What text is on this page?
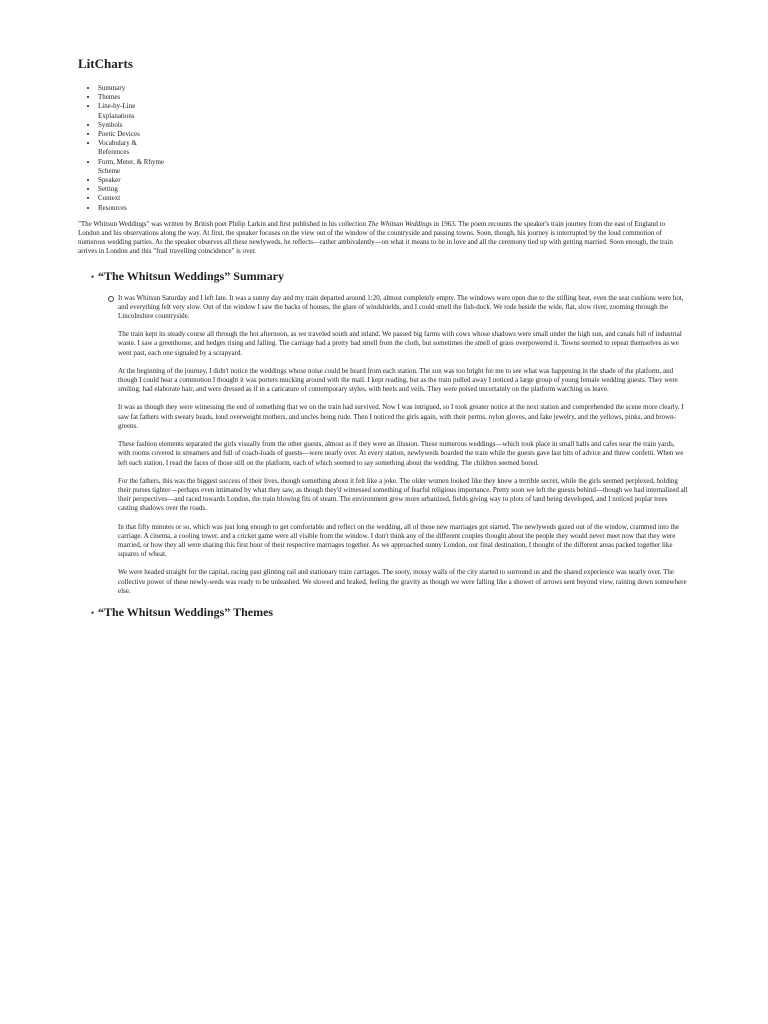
LitCharts
• Summary
• Themes
• Line-by-Line Explanations
• Symbols
• Poetic Devices
• Vocabulary & References
• Form, Meter, & Rhyme Scheme
• Speaker
• Setting
• Context
• Resources

"The Whitsun Weddings" was written by British poet Philip Larkin and first published in his collection The Whitsun Weddings in 1963. The poem recounts the speaker's train journey from the east of England to London and his observations along the way. At first, the speaker focuses on the view out of the window of the countryside and passing towns. Soon, though, his journey is interrupted by the loud commotion of numerous wedding parties. As the speaker observes all these newlyweds, he reflects—rather ambivalently—on what it means to be in love and all the ceremony tied up with getting married. Soon enough, the train arrives in London and this "frail travelling coincidence" is over.

• “The Whitsun Weddings” Summary

It was Whitsun Saturday and I left late. It was a sunny day and my train departed around 1:20, almost completely empty. The windows were open due to the stifling heat, even the seat cushions were hot, and everything felt very slow. Out of the window I saw the backs of houses, the glare of windshields, and I could smell the fish-dock. We rode beside the wide, flat, slow river, zooming through the Lincolnshire countryside.

The train kept its steady course all through the hot afternoon, as we traveled south and inland. We passed big farms with cows whose shadows were small under the high sun, and canals full of industrial waste. I saw a greenhouse, and hedges rising and falling. The carriage had a pretty bad smell from the cloth, but sometimes the smell of grass overpowered it. Towns seemed to repeat themselves as we went past, each one signaled by a scrapyard.

At the beginning of the journey, I didn't notice the weddings whose noise could be heard from each station. The sun was too bright for me to see what was happening in the shade of the platform, and though I could hear a commotion I thought it was porters mucking around with the mail. I kept reading, but as the train pulled away I noticed a large group of young female wedding guests. They were smiling, had elaborate hair, and were dressed as if in a caricature of contemporary styles, with heels and veils. They were poised uncertainly on the platform watching us leave.

It was as though they were witnessing the end of something that we on the train had survived. Now I was intrigued, so I took greater notice at the next station and comprehended the scene more clearly. I saw fat fathers with sweaty heads, loud overweight mothers, and uncles being rude. Then I noticed the girls again, with their perms, nylon gloves, and fake jewelry, and the yellows, pinks, and brown-greens.

These fashion elements separated the girls visually from the other guests, almost as if they were an illusion. These numerous weddings—which took place in small halls and cafes near the train yards, with rooms covered in streamers and full of coach-loads of guests—were nearly over. At every station, newlyweds boarded the train while the guests gave last bits of advice and threw confetti. When we left each station, I read the faces of those still on the platform, each of which seemed to say something about the wedding. The children seemed bored.

For the fathers, this was the biggest success of their lives, though something about it felt like a joke. The older women looked like they knew a terrible secret, while the girls seemed perplexed, holding their purses tighter—perhaps even intimated by what they saw, as though they'd witnessed something of fearful religious importance. Pretty soon we left the guests behind—though we had internalized all their perspectives—and raced towards London, the train blowing fits of steam. The environment grew more urbanized, fields giving way to plots of land being developed, and I noticed poplar trees casting shadows over the roads.

In that fifty minutes or so, which was just long enough to get comfortable and reflect on the wedding, all of these new marriages got started. The newlyweds gazed out of the window, crammed into the carriage. A cinema, a cooling tower, and a cricket game were all visible from the window. I don't think any of the different couples thought about the people they would never meet now that they were married, or how they all were sharing this first hour of their respective marriages together. As we approached sunny London, our final destination, I thought of the different areas packed together like squares of wheat.

We were headed straight for the capital, racing past glinting rail and stationary train carriages. The sooty, mossy walls of the city started to surround us and the shared experience was nearly over. The collective power of these newly-weds was ready to be unleashed. We slowed and braked, feeling the gravity as though we were falling like a shower of arrows sent beyond view, raining down somewhere else.

• “The Whitsun Weddings” Themes
